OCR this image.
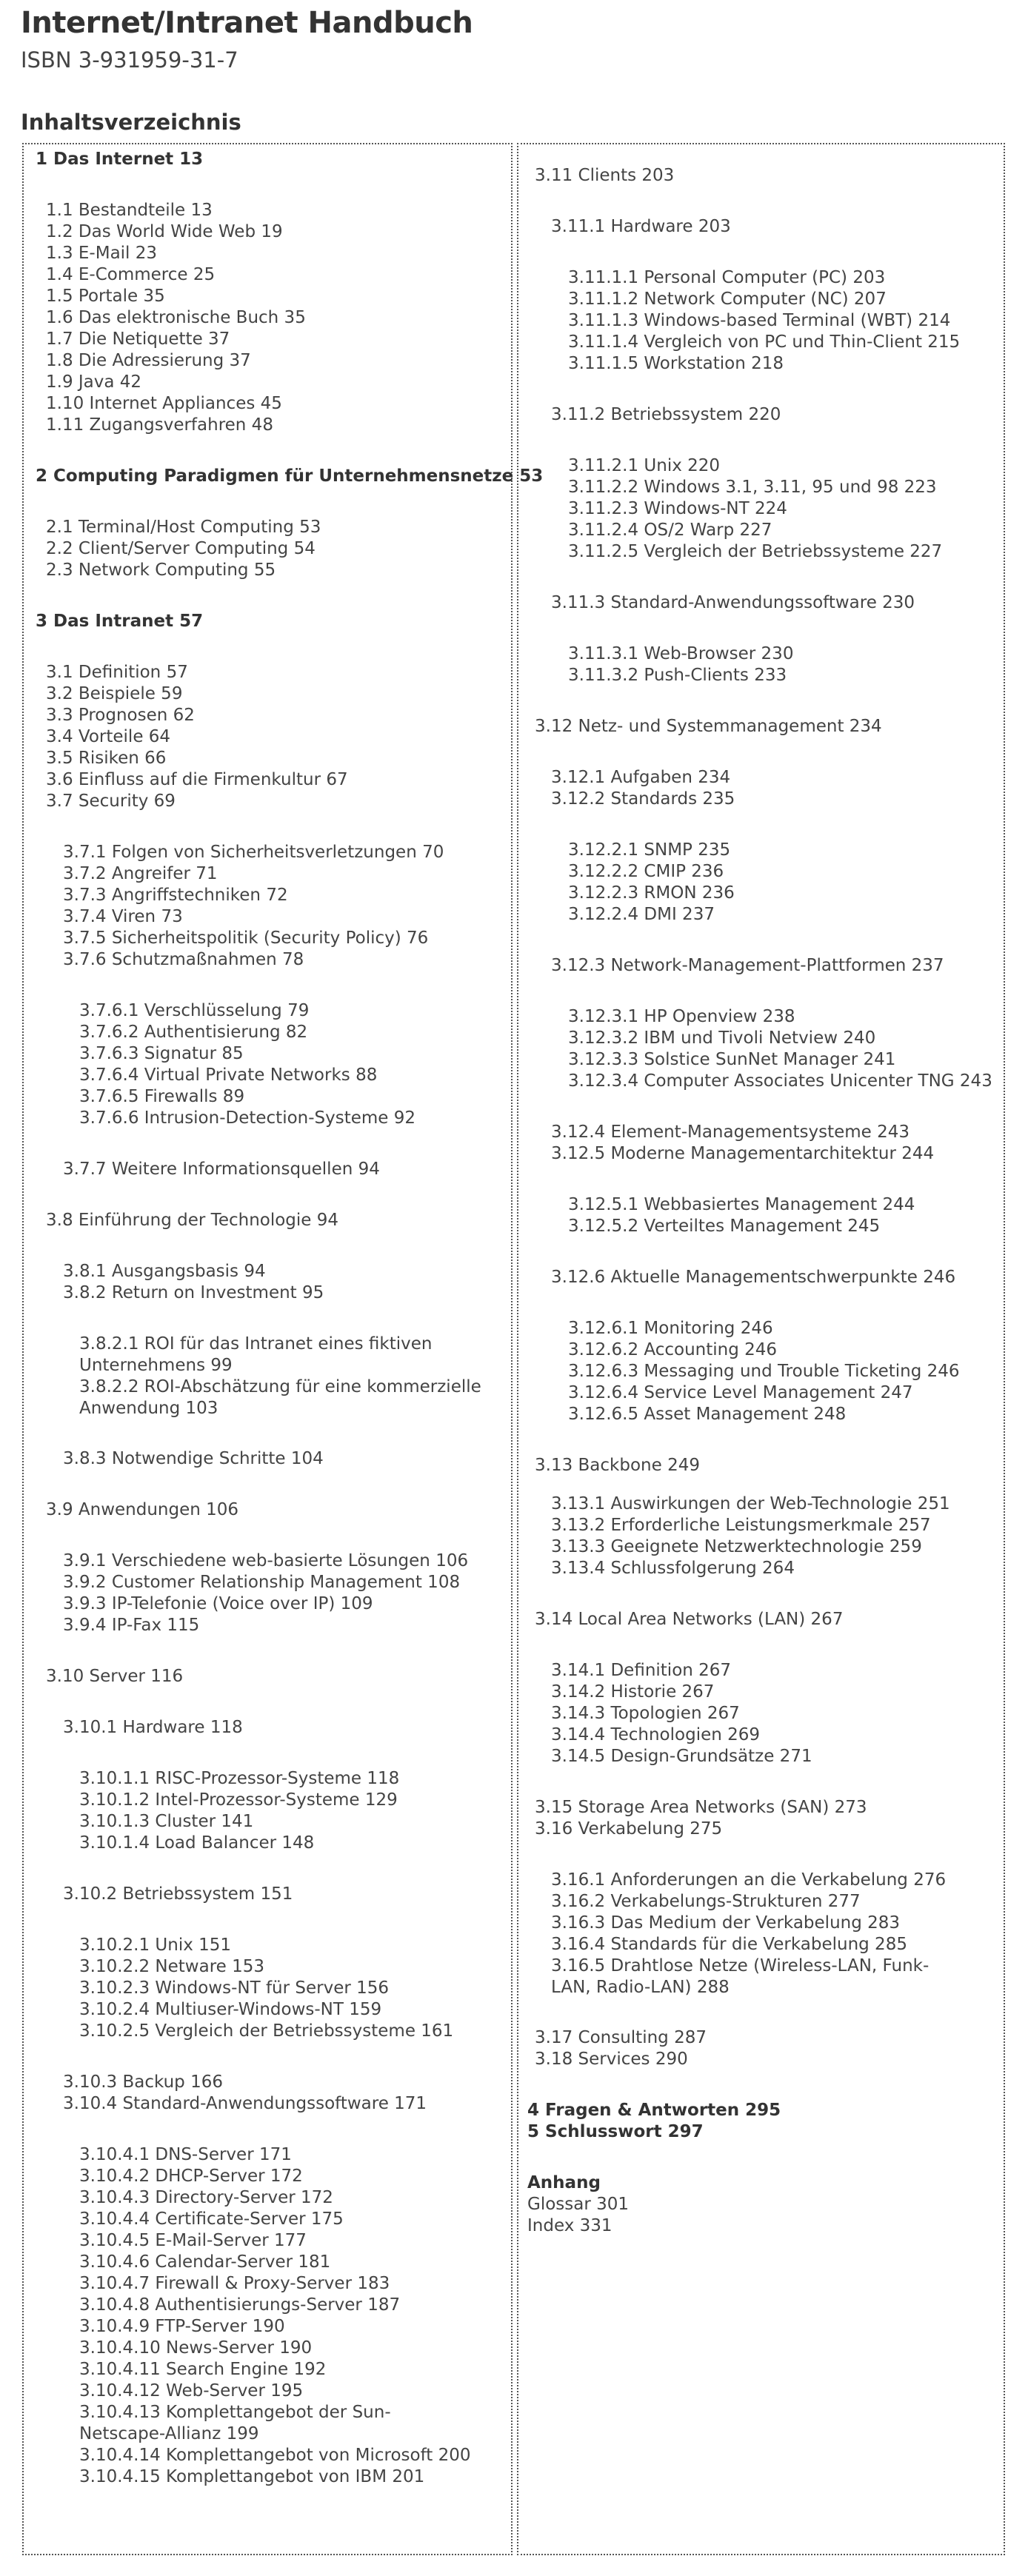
Internet/Intranet Handbuch

ISBN 3-931959-31-7

Inhaltsverzeichnis

1 Das Internet 13

1.1 Bestandteile 13

1.2 Das World Wide Web 19

1.3 E-Mail 23

1.4 E-Commerce 25

1.5 Portale 35

1.6 Das elektronische Buch 35

1.7 Die Netiquette 37

1.8 Die Adressierung 37

1.9 Java 42

1.10 Internet Appliances 45

1.11 Zugangsverfahren 48

2 Computing Paradigmen für Unternehmensnetze 53

2.1 Terminal/Host Computing 53

2.2 Client/Server Computing 54

2.3 Network Computing 55

3 Das Intranet 57

3.1 Definition 57

3.2 Beispiele 59

3.3 Prognosen 62

3.4 Vorteile 64

3.5 Risiken 66

3.6 Einfluss auf die Firmenkultur 67

3.7 Security 69

3.7.1 Folgen von Sicherheitsverletzungen 70

3.7.2 Angreifer 71

3.7.3 Angriffstechniken 72

3.7.4 Viren 73

3.7.5 Sicherheitspolitik (Security Policy) 76

3.7.6 Schutzmaßnahmen 78

3.7.6.1 Verschlüsselung 79

3.7.6.2 Authentisierung 82

3.7.6.3 Signatur 85

3.7.6.4 Virtual Private Networks 88

3.7.6.5 Firewalls 89

3.7.6.6 Intrusion-Detection-Systeme 92

3.7.7 Weitere Informationsquellen 94

3.8 Einführung der Technologie 94

3.8.1 Ausgangsbasis 94

3.8.2 Return on Investment 95

3.8.2.1 ROI für das Intranet eines fiktiven Unternehmens 99

3.8.2.2 ROI-Abschätzung für eine kommerzielle Anwendung 103

3.8.3 Notwendige Schritte 104

3.9 Anwendungen 106

3.9.1 Verschiedene web-basierte Lösungen 106

3.9.2 Customer Relationship Management 108

3.9.3 IP-Telefonie (Voice over IP) 109

3.9.4 IP-Fax 115

3.10 Server 116

3.10.1 Hardware 118

3.10.1.1 RISC-Prozessor-Systeme 118

3.10.1.2 Intel-Prozessor-Systeme 129

3.10.1.3 Cluster 141

3.10.1.4 Load Balancer 148

3.10.2 Betriebssystem 151

3.10.2.1 Unix 151

3.10.2.2 Netware 153

3.10.2.3 Windows-NT für Server 156

3.10.2.4 Multiuser-Windows-NT 159

3.10.2.5 Vergleich der Betriebssysteme 161

3.10.3 Backup 166

3.10.4 Standard-Anwendungssoftware 171

3.10.4.1 DNS-Server 171

3.10.4.2 DHCP-Server 172

3.10.4.3 Directory-Server 172

3.10.4.4 Certificate-Server 175

3.10.4.5 E-Mail-Server 177

3.10.4.6 Calendar-Server 181

3.10.4.7 Firewall & Proxy-Server 183

3.10.4.8 Authentisierungs-Server 187

3.10.4.9 FTP-Server 190

3.10.4.10 News-Server 190

3.10.4.11 Search Engine 192

3.10.4.12 Web-Server 195

3.10.4.13 Komplettangebot der Sun-Netscape-Allianz 199

3.10.4.14 Komplettangebot von Microsoft 200

3.10.4.15 Komplettangebot von IBM 201

3.11 Clients 203

3.11.1 Hardware 203

3.11.1.1 Personal Computer (PC) 203

3.11.1.2 Network Computer (NC) 207

3.11.1.3 Windows-based Terminal (WBT) 214

3.11.1.4 Vergleich von PC und Thin-Client 215

3.11.1.5 Workstation 218

3.11.2 Betriebssystem 220

3.11.2.1 Unix 220

3.11.2.2 Windows 3.1, 3.11, 95 und 98 223

3.11.2.3 Windows-NT 224

3.11.2.4 OS/2 Warp 227

3.11.2.5 Vergleich der Betriebssysteme 227

3.11.3 Standard-Anwendungssoftware 230

3.11.3.1 Web-Browser 230

3.11.3.2 Push-Clients 233

3.12 Netz- und Systemmanagement 234

3.12.1 Aufgaben 234

3.12.2 Standards 235

3.12.2.1 SNMP 235

3.12.2.2 CMIP 236

3.12.2.3 RMON 236

3.12.2.4 DMI 237

3.12.3 Network-Management-Plattformen 237

3.12.3.1 HP Openview 238

3.12.3.2 IBM und Tivoli Netview 240

3.12.3.3 Solstice SunNet Manager 241

3.12.3.4 Computer Associates Unicenter TNG 243

3.12.4 Element-Managementsysteme 243

3.12.5 Moderne Managementarchitektur 244

3.12.5.1 Webbasiertes Management 244

3.12.5.2 Verteiltes Management 245

3.12.6 Aktuelle Managementschwerpunkte 246

3.12.6.1 Monitoring 246

3.12.6.2 Accounting 246

3.12.6.3 Messaging und Trouble Ticketing 246

3.12.6.4 Service Level Management 247

3.12.6.5 Asset Management 248

3.13 Backbone 249

3.13.1 Auswirkungen der Web-Technologie 251

3.13.2 Erforderliche Leistungsmerkmale 257

3.13.3 Geeignete Netzwerktechnologie 259

3.13.4 Schlussfolgerung 264

3.14 Local Area Networks (LAN) 267

3.14.1 Definition 267

3.14.2 Historie 267

3.14.3 Topologien 267

3.14.4 Technologien 269

3.14.5 Design-Grundsätze 271

3.15 Storage Area Networks (SAN) 273

3.16 Verkabelung 275

3.16.1 Anforderungen an die Verkabelung 276

3.16.2 Verkabelungs-Strukturen 277

3.16.3 Das Medium der Verkabelung 283

3.16.4 Standards für die Verkabelung 285

3.16.5 Drahtlose Netze (Wireless-LAN, Funk-LAN, Radio-LAN) 288

3.17 Consulting 287

3.18 Services 290

4 Fragen & Antworten 295

5 Schlusswort 297

Anhang

Glossar 301

Index 331
